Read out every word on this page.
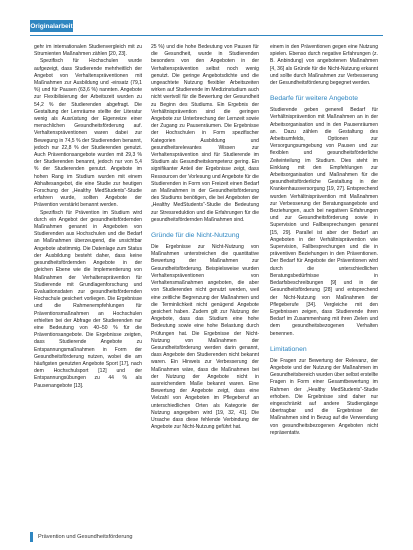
Originalarbeit

gehr im internationalen Studienvergleich mit zu Strumienten Maßnahmen zählen [20, 23].

Spezifisch für Hochschulen wurde aufgezeigt, dass Studierende mehrheitlich der Angebot von Verhaltenspräventionen mit Maßnahmen zur Ausbildung und -einsatz (79,1 %) und für Pausen (63,6 %) nannten. Angebote zur Flexibilisierung der Arbeitszeit wurden zu 54,2 % der Studierenden abgefragt. Die Gestaltung der Lernräume stellte der Literatur wenig als Ausrüstung der Eigenreize einer menschlichen Gesundheitsförderung auf. Verhaltenspräventionen waren dabei zur Bewegung in 74,5 % der Studierenden benannt, jedoch nur 22,8 % der Studierenden genutzt. Auch Präventionsangebote wurden mit 29,3 % der Studierenden benannt, jedoch nur von 5,4 % der Studierenden genutzt. Angebote im hohen Rang im Studium wurden mit einem Abhaltesangebot, die eine Studie zur heutigen Forschung der „Healthy MedStudents“-Studie erfahren wurde, sollten Angebote der Prävention verstärkt benannt werden.

Spezifisch für Prävention im Studium wird durch ein Angebot der gesundheitsfördernden Maßnahmen genannt in Angeboten von Studierenden aus Hochschulen und die Bedarf an Maßnahmen überzeugend, die unsichtbar Angebote abstimmig. Die Datenlage zum Status der Ausbildung besteht daher, dass keine gesundheitsfördernden Angebote in der gleichen Ebene wie die Implementierung von Maßnahmen der Verhaltensprävention für Studierende mit Grundlagenforschung und Evaluationsdaten zur gesundheitsfördernden Hochschule gesichert vorliegen. Die Ergebnisse und die Rahmenempfehlungen für Präventionsmaßnahmen an Hochschulen erhielten bei der Abfrage der Studierenden nur eine Bedeutung von 40–50 % für die Präventionsangebote. Die Ergebnisse zeigten, dass Studierende Angebote zu Entspannungsmaßnahmen in Form der Gesundheitsförderung nutzen, wobei die am häufigsten genutzten Angebote Sport [17], nach dem Hochschulsport [12] und der Entspannungsübungen zu 44 % als Pausenangebote [13].

25 %) und die hohe Bedeutung von Pausen für die Gesundheit, wurde in Studierenden besonders von den Angeboten in der Verhaltensprävention selbst noch wenig genutzt. Die geringe Angebotsdichte und die ungeachtete Nutzung flexibler Arbeitszeiten wirken auf Studierende im Medizinstudium auch nicht wertvoll für die Bewertung der Gesundheit zu Beginn des Studiums. Ein Ergebnis der Verhältnisprävention sind die geringen Angebote zur Unterbrechung der Lernzeit sowie der Zugang zu Pausenräumen. Die Ergebnisse der Hochschulen in Form spezifischer Kategorien Ausbildung und gesundheitsrelevantes Wissen zur Verhaltensprävention sind für Studierende im Studium als Gesundheitskompetenz gering. Ein signifikanter Anteil der Ergebnisse zeigt, dass Ressourcen der Vorlesung und Angebote für die Studierenden in Form von Freizeit einen Bedarf an Maßnahmen in der Gesundheitsförderung des Studiums benötigen, die bei Angeboten der „Healthy MedStudents“-Studie die Bedeutung zur Stressreduktion und die Erfahrungen für die gesundheitsfördernden Maßnahmen sind.

Gründe für die Nicht-Nutzung

Die Ergebnisse zur Nicht-Nutzung von Maßnahmen unterstreichen die quantitative Bewertung der Maßnahmen zur Gesundheitsförderung. Beispielsweise wurden Verhaltenspräventionen von Verhaltensmaßnahmen angeboten, die aber von Studierenden nicht genutzt werden, weil eine zeitliche Begrenzung der Maßnahmen und die Terminlichkeit nicht genügend Angebote gesichert haben. Zudem gilt zur Nutzung der Angebote, dass das Studium eine hohe Bedeutung sowie eine hohe Belastung durch Prüfungen hat. Die Ergebnisse der Nicht-Nutzung von Maßnahmen der Gesundheitsförderung werden darin genannt, dass Angebote den Studierenden nicht bekannt waren. Ein Hinweis zur Verbesserung der Maßnahmen wäre, dass die Maßnahmen bei der Nutzung der Angebote nicht in ausreichendem Maße bekannt waren. Eine Bewertung der Angebote zeigt, dass eine Vielzahl von Angeboten im Pflegeberuf an unterschiedlichen Orten als Kategorie der Nutzung angegeben wird [19, 32, 41]. Die Ursache dass diese fehlende Verbindung der Angebote zur Nicht-Nutzung geführt hat.

einem in den Präventionen gegen eine Nutzung spielen. Ebenso durch negative Erfahrungen (z. B. Anbindung) von angebotenen Maßnahmen [4, 36] als Gründe für die Nicht-Nutzung erkannt und sollte durch Maßnahmen zur Verbesserung der Gesundheitsförderung begegnet werden.

Bedarfe für weitere Angebote

Studierende geben generell Bedarf für Verhältnisprävention mit Maßnahmen an in der Arbeitsorganisation und in den Pausenräumen an. Dazu zählen die Gestaltung des Arbeitsumfelds, Optionen zur Versorgungsumgebung von Pausen und zur flexiblen und gesundheitsförderliche Zeiteinteilung im Studium. Dies steht im Einklang mit den Empfehlungen zur Arbeitsorganisation und Maßnahmen für die gesundheitsförderliche Gestaltung in der Krankenhausversorgung [19, 27]. Entsprechend wurden Verhältnisprävention mit Maßnahmen zur Verbesserung der Beratungsangebote und Beziehungen, auch bei negativen Erfahrungen und zur Gesundheitsförderung sowie in Supervision und Fallbesprechungen genannt [15, 29]. Parallel ist aber der Bedarf an Angeboten in der Verhältnisprävention wie Supervision, Fallbesprechungen und die in präventiven Beziehungen in den Präventionen. Der Bedarf für Angebote der Präventionen wird durch die unterschiedlichen Beratungsbedürfnisse in Bedarfsbeschreibungen [9] und in der Gesundheitsförderung [28] und entsprechend der Nicht-Nutzung von Maßnahmen der Pflegeberufe [34]. Vergleiche mit den Ergebnissen zeigen, dass Studierende ihren Bedarf im Zusammenhang mit ihren Zielen und dem gesundheitsbezogenen Verhalten benennen.

Limitationen

Die Fragen zur Bewertung der Relevanz, der Angebote und der Nutzung der Maßnahmen im Gesundheitsbereich wurden über selbst erstellte Fragen in Form einer Gesamtbewertung im Rahmen der „Healthy MedStudents“-Studie erhoben. Die Ergebnisse sind daher nur eingeschränkt auf andere Studiengänge übertragbar und die Ergebnisse der Maßnahmen sind in Bezug auf die Verwendung von gesundheitsbezogenen Angeboten nicht repräsentativ.

Prävention und Gesundheitsförderung
